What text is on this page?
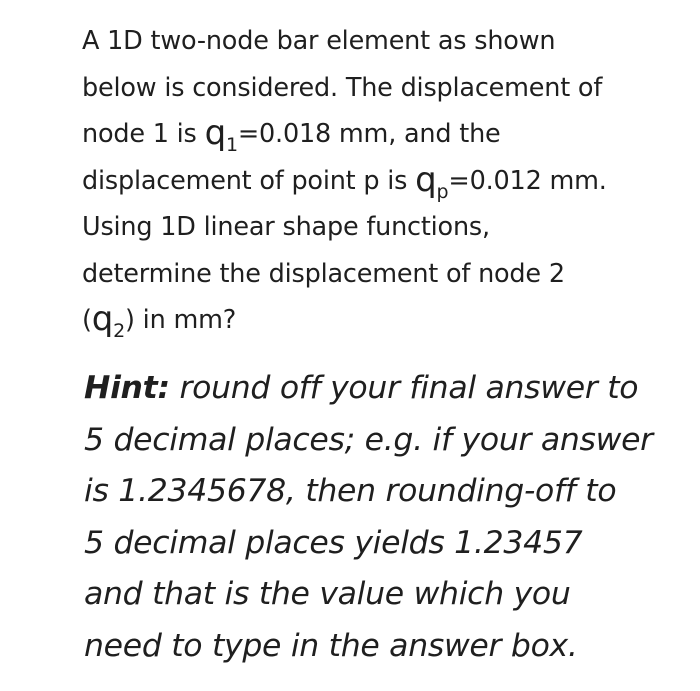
A 1D two-node bar element as shown
below is considered. The displacement of
node 1 is $q_1=0.018$ mm, and the
displacement of point p is $q_p=0.012$ mm.
Using 1D linear shape functions,
determine the displacement of node 2
$(q_2)$ in mm?
Hint: round off your final answer to
5 decimal places; e.g. if your answer
is 1.2345678, then rounding-off to
5 decimal places yields 1.23457
and that is the value which you
need to type in the answer box.
